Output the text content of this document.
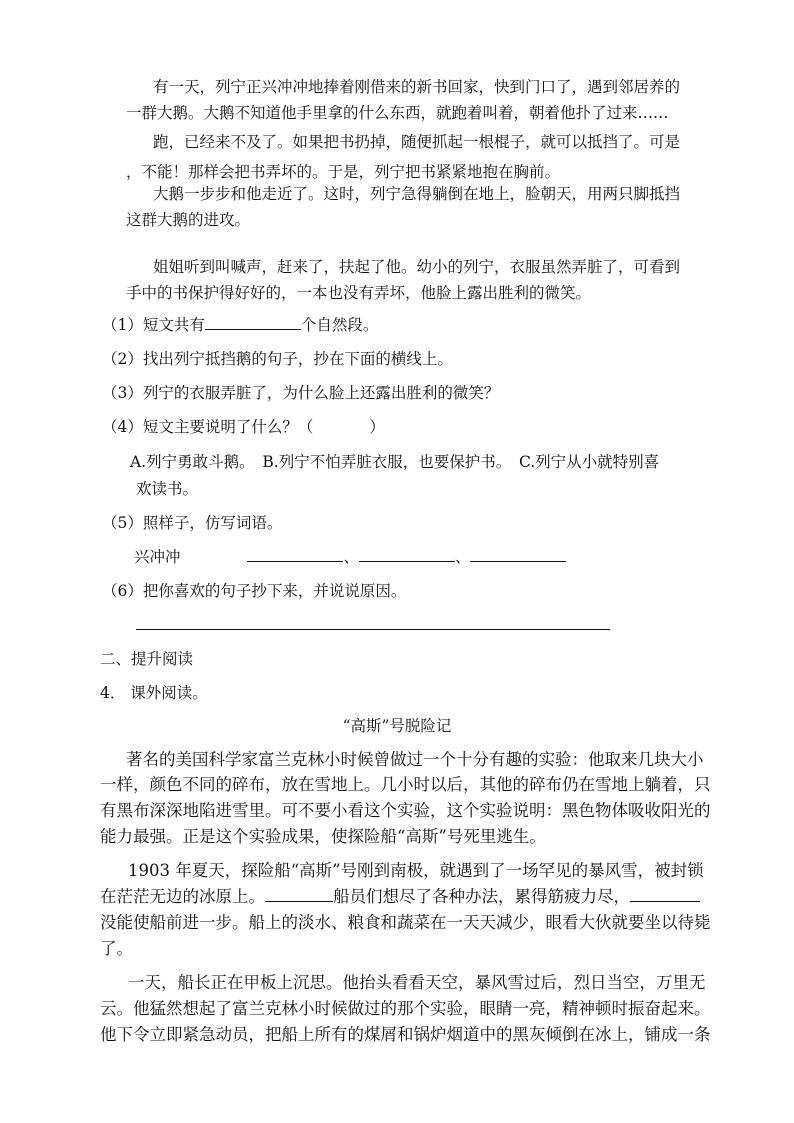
有一天，列宁正兴冲冲地捧着刚借来的新书回家，快到门口了，遇到邻居养的
一群大鹅。大鹅不知道他手里拿的什么东西，就跑着叫着，朝着他扑了过来……
跑，已经来不及了。如果把书扔掉，随便抓起一根棍子，就可以抵挡了。可是
，不能！那样会把书弄坏的。于是，列宁把书紧紧地抱在胸前。
大鹅一步步和他走近了。这时，列宁急得躺倒在地上，脸朝天，用两只脚抵挡
这群大鹅的进攻。
姐姐听到叫喊声，赶来了，扶起了他。幼小的列宁，衣服虽然弄脏了，可看到
手中的书保护得好好的，一本也没有弄坏，他脸上露出胜利的微笑。
（1）短文共有	个自然段。
（2）找出列宁抵挡鹅的句子，抄在下面的横线上。
（3）列宁的衣服弄脏了，为什么脸上还露出胜利的微笑？
（4）短文主要说明了什么？（	）
A.列宁勇敢斗鹅。　B.列宁不怕弄脏衣服，也要保护书。　C.列宁从小就特别喜
欢读书。
（5）照样子，仿写词语。
兴冲冲	、	、
（6）把你喜欢的句子抄下来，并说说原因。
二、提升阅读
4． 课外阅读。
“高斯”号脱险记
著名的美国科学家富兰克林小时候曾做过一个十分有趣的实验：他取来几块大小
一样，颜色不同的碎布，放在雪地上。几小时以后，其他的碎布仍在雪地上躺着，只
有黑布深深地陷进雪里。可不要小看这个实验，这个实验说明：黑色物体吸收阳光的
能力最强。正是这个实验成果，使探险船“高斯”号死里逃生。
1903 年夏天，探险船“高斯”号刚到南极，就遇到了一场罕见的暴风雪，被封锁
在茫茫无边的冰原上。	船员们想尽了各种办法，累得筋疲力尽，
没能使船前进一步。船上的淡水、粮食和蔬菜在一天天减少，眼看大伙就要坐以待毙
了。
一天，船长正在甲板上沉思。他抬头看看天空，暴风雪过后，烈日当空，万里无
云。他猛然想起了富兰克林小时候做过的那个实验，眼睛一亮，精神顿时振奋起来。
他下令立即紧急动员，把船上所有的煤屑和锅炉烟道中的黑灰倾倒在冰上，铺成一条
